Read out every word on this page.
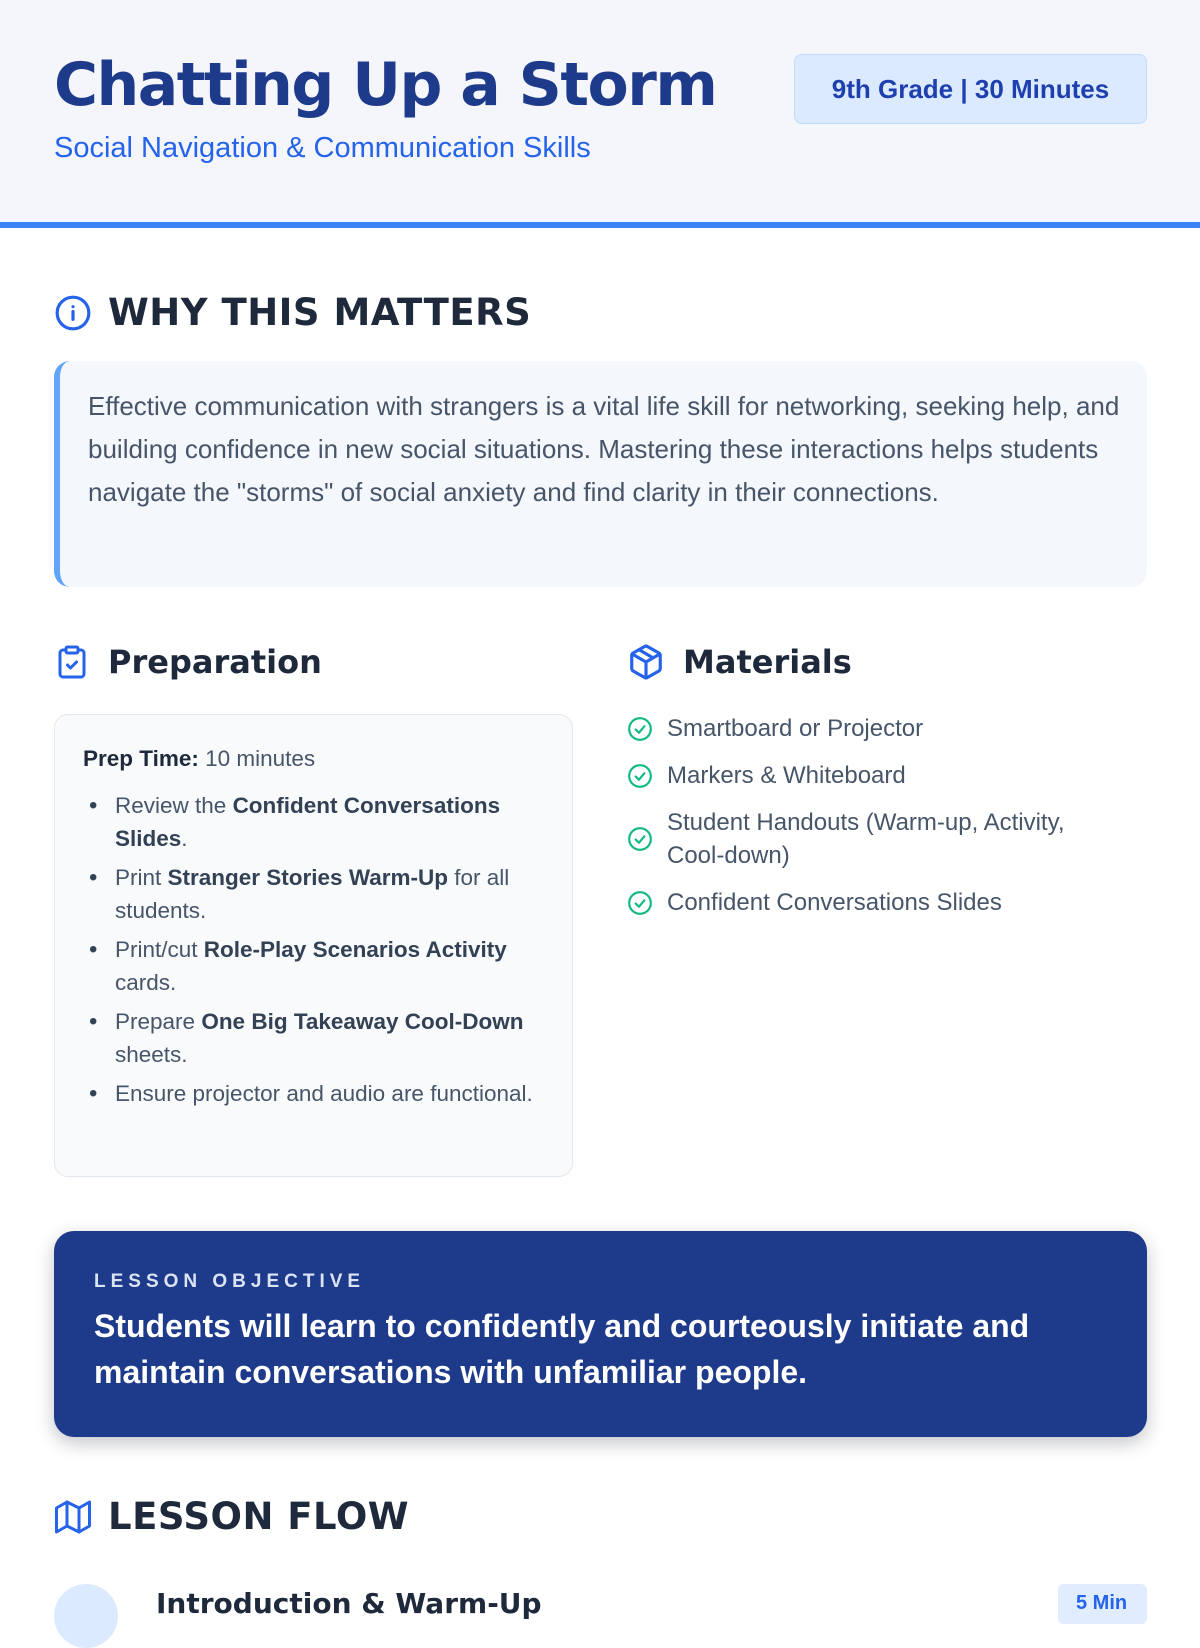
Chatting Up a Storm
Social Navigation & Communication Skills
9th Grade | 30 Minutes
WHY THIS MATTERS

Effective communication with strangers is a vital life skill for networking, seeking help, and building confidence in new social situations. Mastering these interactions helps students navigate the "storms" of social anxiety and find clarity in their connections.

Preparation
Prep Time: 10 minutes
• Review the Confident Conversations Slides.
• Print Stranger Stories Warm-Up for all students.
• Print/cut Role-Play Scenarios Activity cards.
• Prepare One Big Takeaway Cool-Down sheets.
• Ensure projector and audio are functional.
Materials
Smartboard or Projector
Markers & Whiteboard
Student Handouts (Warm-up, Activity, Cool-down)
Confident Conversations Slides
LESSON OBJECTIVE
Students will learn to confidently and courteously initiate and maintain conversations with unfamiliar people.
LESSON FLOW
Introduction & Warm-Up	5 Min
